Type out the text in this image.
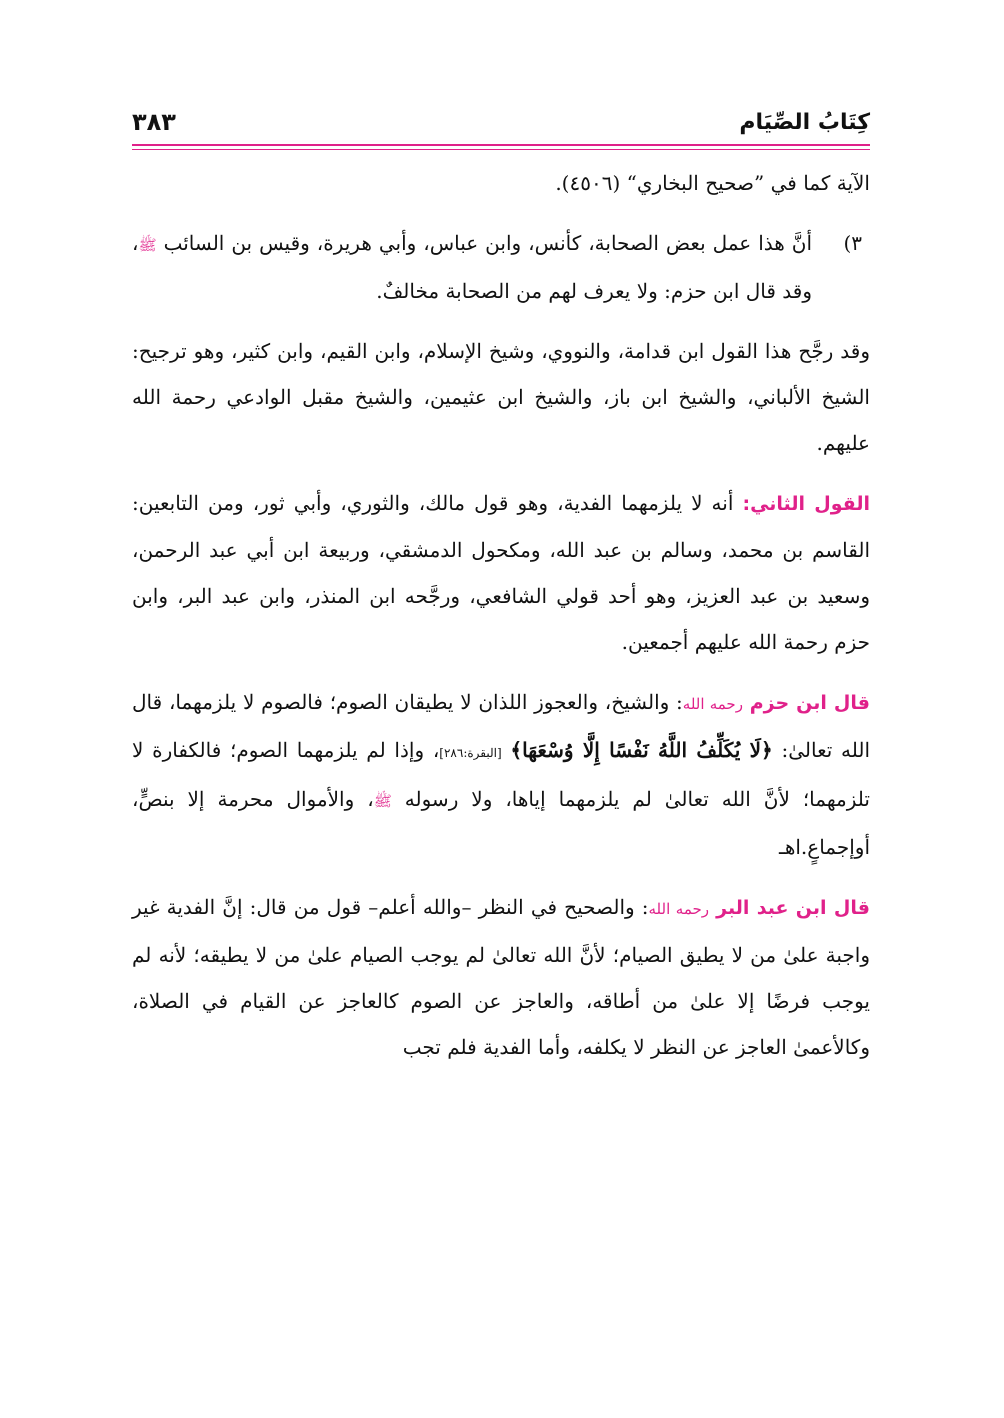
كِتَابُ الصِّيَام
٣٨٣

الآية كما في ”صحيح البخاري“ (٤٥٠٦).

٣)
أنَّ هذا عمل بعض الصحابة، كأنس، وابن عباس، وأبي هريرة، وقيس بن السائب ﷺ، وقد قال ابن حزم: ولا يعرف لهم من الصحابة مخالفٌ.

وقد رجَّح هذا القول ابن قدامة، والنووي، وشيخ الإسلام، وابن القيم، وابن كثير، وهو ترجيح: الشيخ الألباني، والشيخ ابن باز، والشيخ ابن عثيمين، والشيخ مقبل الوادعي رحمة الله عليهم.

القول الثاني: أنه لا يلزمهما الفدية، وهو قول مالك، والثوري، وأبي ثور، ومن التابعين: القاسم بن محمد، وسالم بن عبد الله، ومكحول الدمشقي، وربيعة ابن أبي عبد الرحمن، وسعيد بن عبد العزيز، وهو أحد قولي الشافعي، ورجَّحه ابن المنذر، وابن عبد البر، وابن حزم رحمة الله عليهم أجمعين.

قال ابن حزم رحمه الله: والشيخ، والعجوز اللذان لا يطيقان الصوم؛ فالصوم لا يلزمهما، قال الله تعالىٰ: ﴿لَا يُكَلِّفُ اللَّهُ نَفْسًا إِلَّا وُسْعَهَا﴾ [البقرة:٢٨٦]، وإذا لم يلزمهما الصوم؛ فالكفارة لا تلزمهما؛ لأنَّ الله تعالىٰ لم يلزمهما إياها، ولا رسوله ﷺ، والأموال محرمة إلا بنصٍّ، أوإجماعٍ.اهـ

قال ابن عبد البر رحمه الله: والصحيح في النظر –والله أعلم– قول من قال: إنَّ الفدية غير واجبة علىٰ من لا يطيق الصيام؛ لأنَّ الله تعالىٰ لم يوجب الصيام علىٰ من لا يطيقه؛ لأنه لم يوجب فرضًا إلا علىٰ من أطاقه، والعاجز عن الصوم كالعاجز عن القيام في الصلاة، وكالأعمىٰ العاجز عن النظر لا يكلفه، وأما الفدية فلم تجب
